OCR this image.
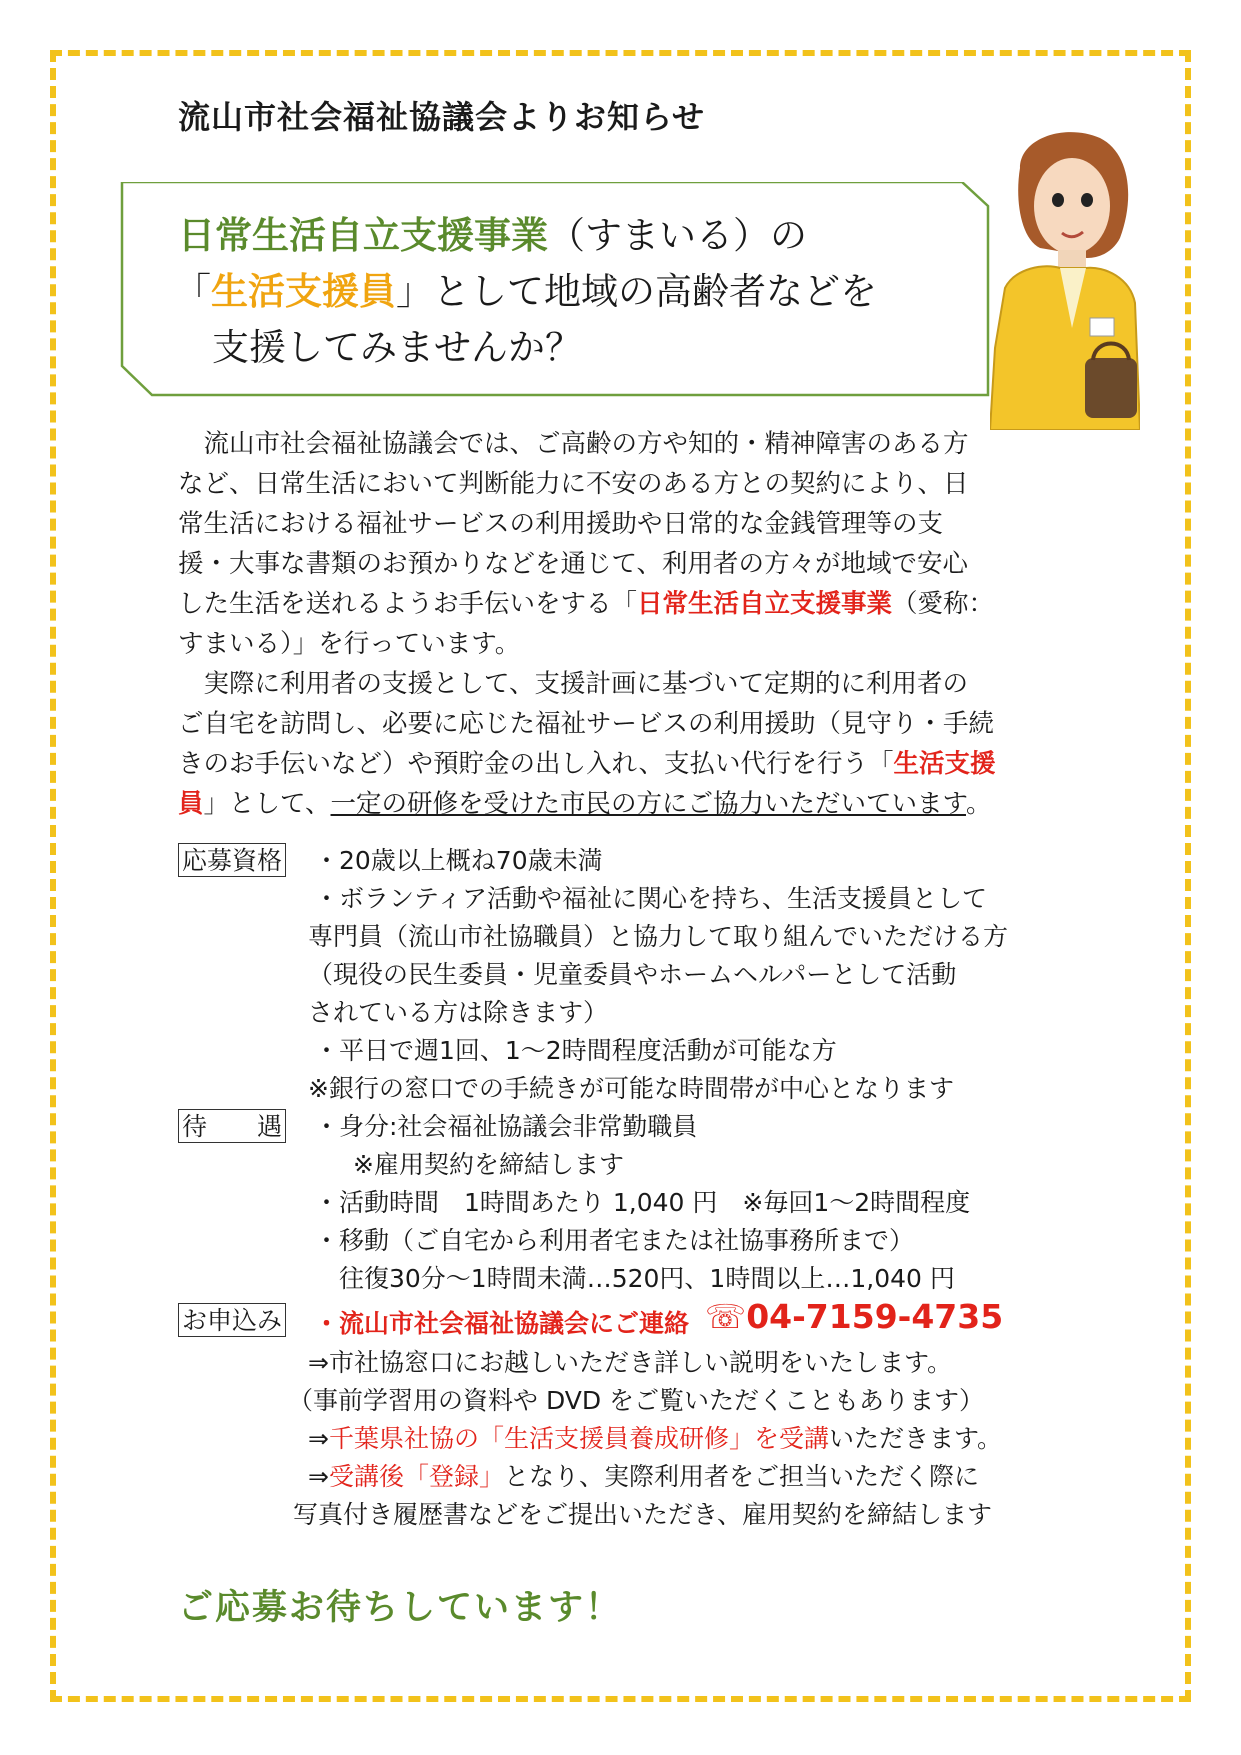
流山市社会福祉協議会よりお知らせ
日常生活自立支援事業（すまいる）の
「生活支援員」として地域の高齢者などを
支援してみませんか？

　流山市社会福祉協議会では、ご高齢の方や知的・精神障害のある方

など、日常生活において判断能力に不安のある方との契約により、日

常生活における福祉サービスの利用援助や日常的な金銭管理等の支

援・大事な書類のお預かりなどを通じて、利用者の方々が地域で安心

した生活を送れるようお手伝いをする「日常生活自立支援事業（愛称：

すまいる）」を行っています。

　実際に利用者の支援として、支援計画に基づいて定期的に利用者の

ご自宅を訪問し、必要に応じた福祉サービスの利用援助（見守り・手続

きのお手伝いなど）や預貯金の出し入れ、支払い代行を行う「生活支援

員」として、一定の研修を受けた市民の方にご協力いただいています。

応募資格 ・20歳以上概ね70歳未満
・ボランティア活動や福祉に関心を持ち、生活支援員として
専門員（流山市社協職員）と協力して取り組んでいただける方
（現役の民生委員・児童委員やホームヘルパーとして活動
されている方は除きます）
・平日で週1回、1～2時間程度活動が可能な方
※銀行の窓口での手続きが可能な時間帯が中心となります
待　　遇 ・身分:社会福祉協議会非常勤職員
　※雇用契約を締結します
・活動時間　1時間あたり 1,040 円　※毎回1～2時間程度
・移動（ご自宅から利用者宅または社協事務所まで）
　往復30分～1時間未満…520円、1時間以上…1,040 円
お申込み ・流山市社会福祉協議会にご連絡 ☏04-7159-4735
⇒市社協窓口にお越しいただき詳しい説明をいたします。
（事前学習用の資料や DVD をご覧いただくこともあります）
⇒千葉県社協の「生活支援員養成研修」を受講いただきます。
⇒受講後「登録」となり、実際利用者をご担当いただく際に
写真付き履歴書などをご提出いただき、雇用契約を締結します
ご応募お待ちしています！
